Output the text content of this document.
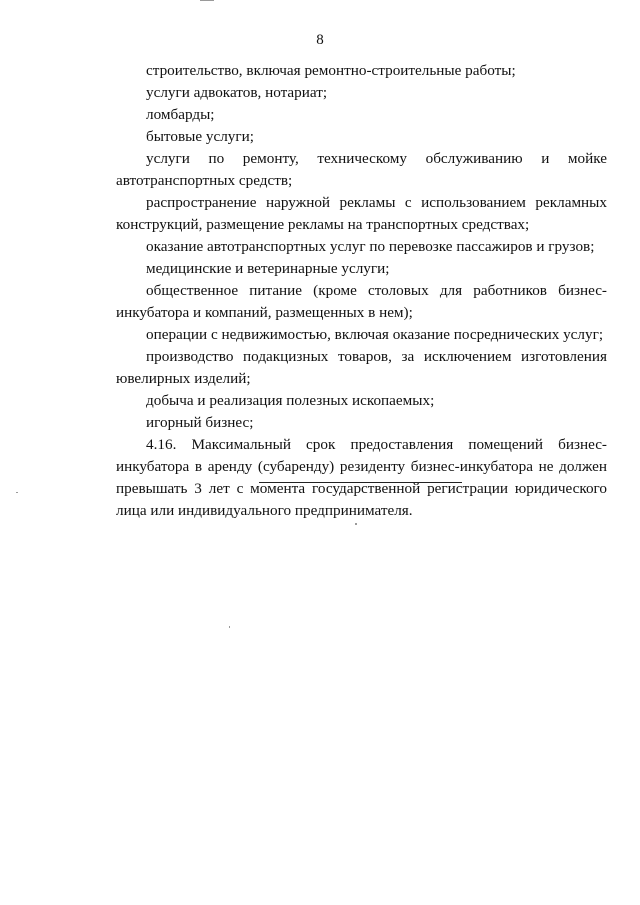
8

строительство, включая ремонтно-строительные работы;

услуги адвокатов, нотариат;

ломбарды;

бытовые услуги;

услуги по ремонту, техническому обслуживанию и мойке автотранспортных средств;

распространение наружной рекламы с использованием рекламных конструкций, размещение рекламы на транспортных средствах;

оказание автотранспортных услуг по перевозке пассажиров и грузов;

медицинские и ветеринарные услуги;

общественное питание (кроме столовых для работников бизнес-инкубатора и компаний, размещенных в нем);

операции с недвижимостью, включая оказание посреднических услуг;

производство подакцизных товаров, за исключением изготовления ювелирных изделий;

добыча и реализация полезных ископаемых;

игорный бизнес;

4.16. Максимальный срок предоставления помещений бизнес-инкубатора в аренду (субаренду) резиденту бизнес-инкубатора не должен превышать 3 лет с момента государственной регистрации юридического лица или индивидуального предпринимателя.
